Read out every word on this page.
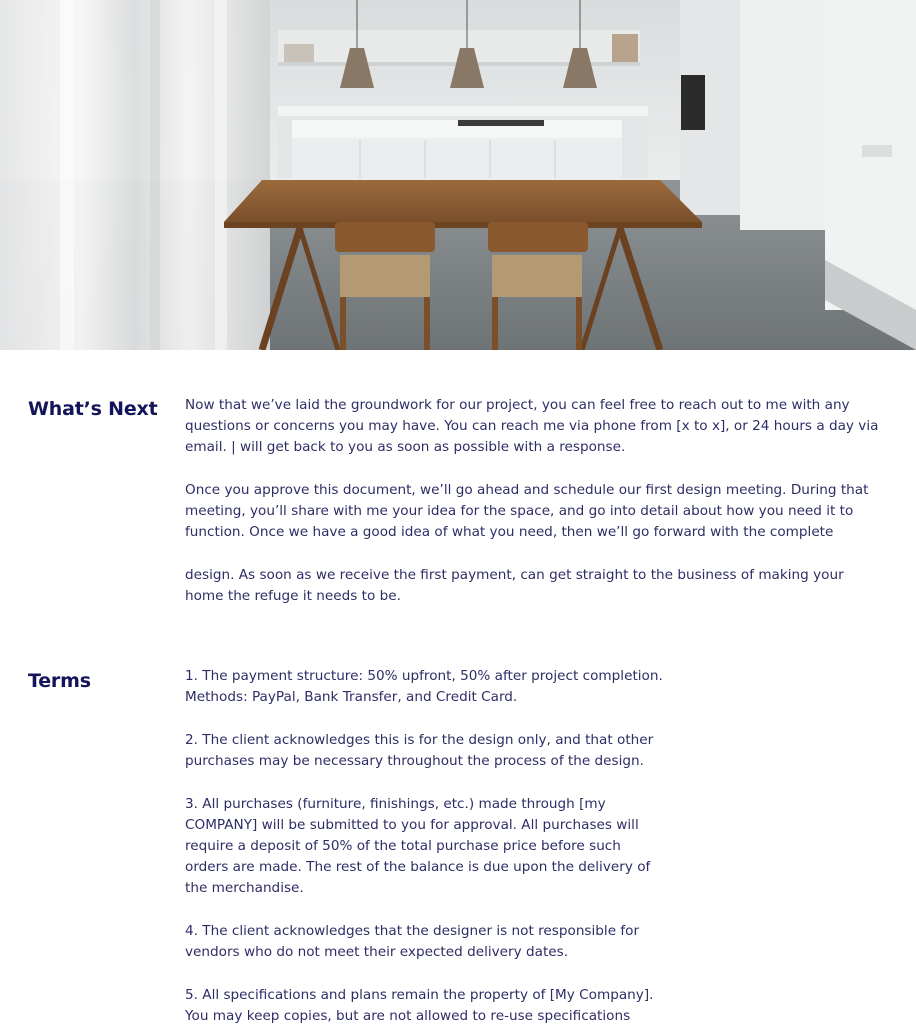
What’s Next Now that we’ve laid the groundwork for our project, you can feel free to reach out to me with any questions or concerns you may have. You can reach me via phone from [x to x], or 24 hours a day via email. | will get back to you as soon as possible with a response.

Once you approve this document, we’ll go ahead and schedule our first design meeting. During that meeting, you’ll share with me your idea for the space, and go into detail about how you need it to function. Once we have a good idea of what you need, then we’ll go forward with the complete

design. As soon as we receive the first payment, can get straight to the business of making your home the refuge it needs to be.

Terms	1. The payment structure: 50% upfront, 50% after project completion. Methods: PayPal, Bank Transfer, and Credit Card.

2. The client acknowledges this is for the design only, and that other purchases may be necessary throughout the process of the design.

3. All purchases (furniture, finishings, etc.) made through [my COMPANY] will be submitted to you for approval. All purchases will require a deposit of 50% of the total purchase price before such orders are made. The rest of the balance is due upon the delivery of the merchandise.

4. The client acknowledges that the designer is not responsible for vendors who do not meet their expected delivery dates.

5. All specifications and plans remain the property of [My Company]. You may keep copies, but are not allowed to re-use specifications
